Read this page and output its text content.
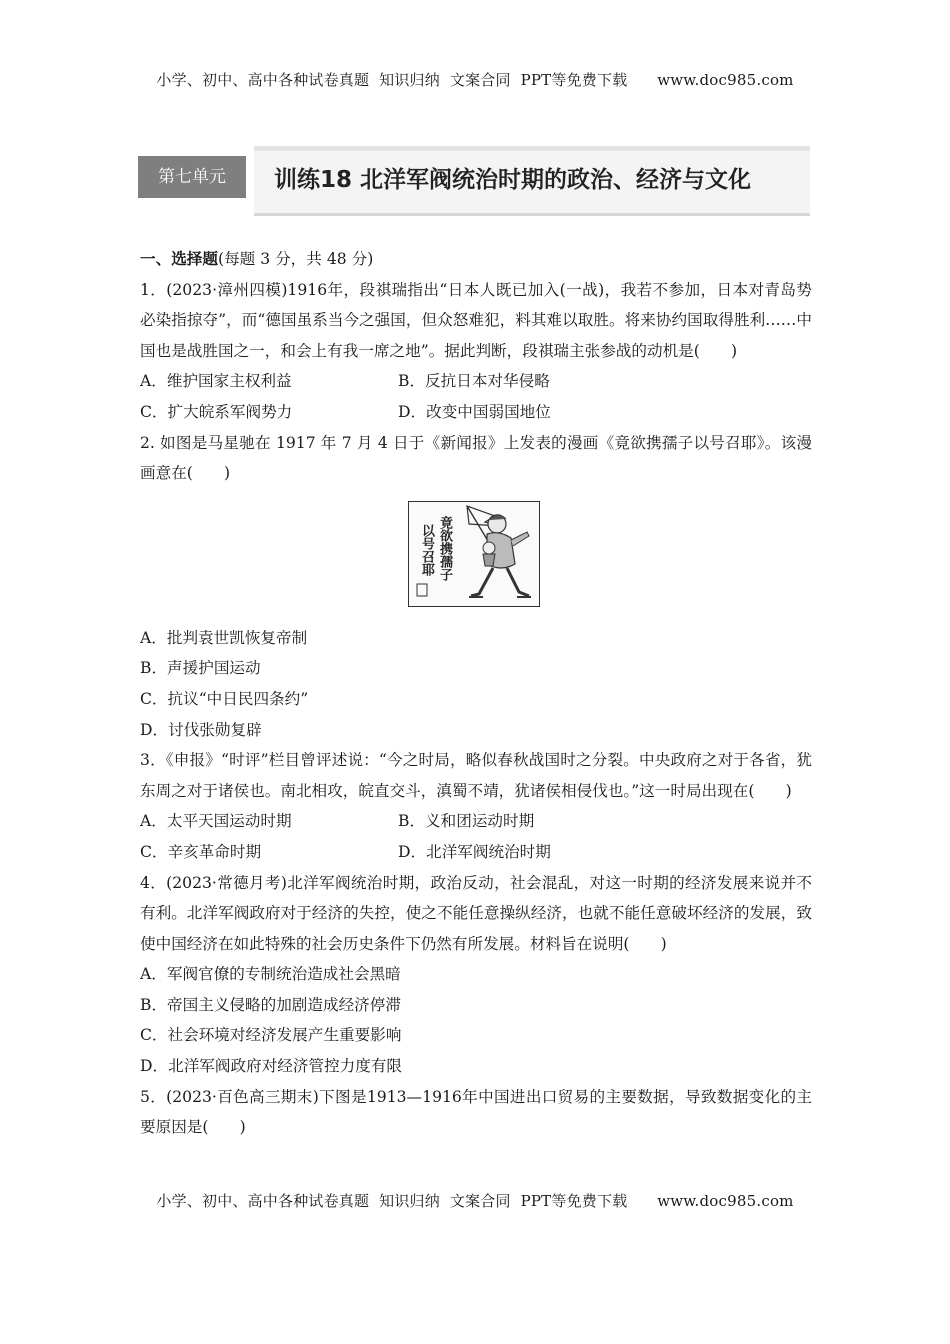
小学、初中、高中各种试卷真题  知识归纳  文案合同  PPT等免费下载      www.doc985.com
第七单元	训练18 北洋军阀统治时期的政治、经济与文化

一、选择题(每题 3 分，共 48 分)

1．(2023·漳州四模)1916年，段祺瑞指出“日本人既已加入(一战)，我若不参加，日本对青岛势必染指掠夺”，而“德国虽系当今之强国，但众怒难犯，料其难以取胜。将来协约国取得胜利……中国也是战胜国之一，和会上有我一席之地”。据此判断，段祺瑞主张参战的动机是(　　)

A．维护国家主权利益	B．反抗日本对华侵略
C．扩大皖系军阀势力	D．改变中国弱国地位

2. 如图是马星驰在 1917 年 7 月 4 日于《新闻报》上发表的漫画《竟欲携孺子以号召耶》。该漫画意在(　　)

竟欲携孺子
以号召耶

A．批判袁世凯恢复帝制

B．声援护国运动

C．抗议“中日民四条约”

D．讨伐张勋复辟

3．《申报》“时评”栏目曾评述说：“今之时局，略似春秋战国时之分裂。中央政府之对于各省，犹东周之对于诸侯也。南北相攻，皖直交斗，滇蜀不靖，犹诸侯相侵伐也。”这一时局出现在(　　)

A．太平天国运动时期	B．义和团运动时期
C．辛亥革命时期	D．北洋军阀统治时期

4．(2023·常德月考)北洋军阀统治时期，政治反动，社会混乱，对这一时期的经济发展来说并不有利。北洋军阀政府对于经济的失控，使之不能任意操纵经济，也就不能任意破坏经济的发展，致使中国经济在如此特殊的社会历史条件下仍然有所发展。材料旨在说明(　　)

A．军阀官僚的专制统治造成社会黑暗

B．帝国主义侵略的加剧造成经济停滞

C．社会环境对经济发展产生重要影响

D．北洋军阀政府对经济管控力度有限

5．(2023·百色高三期末)下图是1913—1916年中国进出口贸易的主要数据，导致数据变化的主要原因是(　　)

小学、初中、高中各种试卷真题  知识归纳  文案合同  PPT等免费下载      www.doc985.com
